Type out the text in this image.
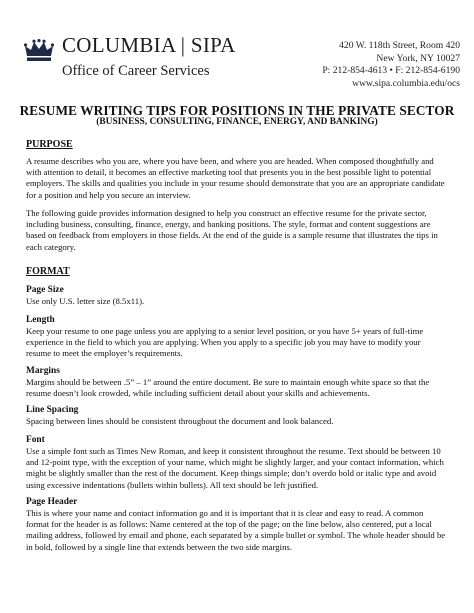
COLUMBIA | SIPA
Office of Career Services
420 W. 118th Street, Room 420
New York, NY 10027
P: 212-854-4613 • F: 212-854-6190
www.sipa.columbia.edu/ocs
RESUME WRITING TIPS FOR POSITIONS IN THE PRIVATE SECTOR
(BUSINESS, CONSULTING, FINANCE, ENERGY, AND BANKING)
PURPOSE
A resume describes who you are, where you have been, and where you are headed. When composed thoughtfully and
with attention to detail, it becomes an effective marketing tool that presents you in the best possible light to potential
employers. The skills and qualities you include in your resume should demonstrate that you are an appropriate candidate
for a position and help you secure an interview.
The following guide provides information designed to help you construct an effective resume for the private sector,
including business, consulting, finance, energy, and banking positions. The style, format and content suggestions are
based on feedback from employers in those fields. At the end of the guide is a sample resume that illustrates the tips in
each category.
FORMAT
Page Size
Use only U.S. letter size (8.5x11).
Length
Keep your resume to one page unless you are applying to a senior level position, or you have 5+ years of full-time
experience in the field to which you are applying. When you apply to a specific job you may have to modify your
resume to meet the employer’s requirements.
Margins
Margins should be between .5” – 1” around the entire document. Be sure to maintain enough white space so that the
resume doesn’t look crowded, while including sufficient detail about your skills and achievements.
Line Spacing
Spacing between lines should be consistent throughout the document and look balanced.
Font
Use a simple font such as Times New Roman, and keep it consistent throughout the resume. Text should be between 10
and 12-point type, with the exception of your name, which might be slightly larger, and your contact information, which
might be slightly smaller than the rest of the document. Keep things simple; don’t overdo bold or italic type and avoid
using excessive indentations (bullets within bullets). All text should be left justified.
Page Header
This is where your name and contact information go and it is important that it is clear and easy to read. A common
format for the header is as follows: Name centered at the top of the page; on the line below, also centered, put a local
mailing address, followed by email and phone, each separated by a simple bullet or symbol. The whole header should be
in bold, followed by a single line that extends between the two side margins.
